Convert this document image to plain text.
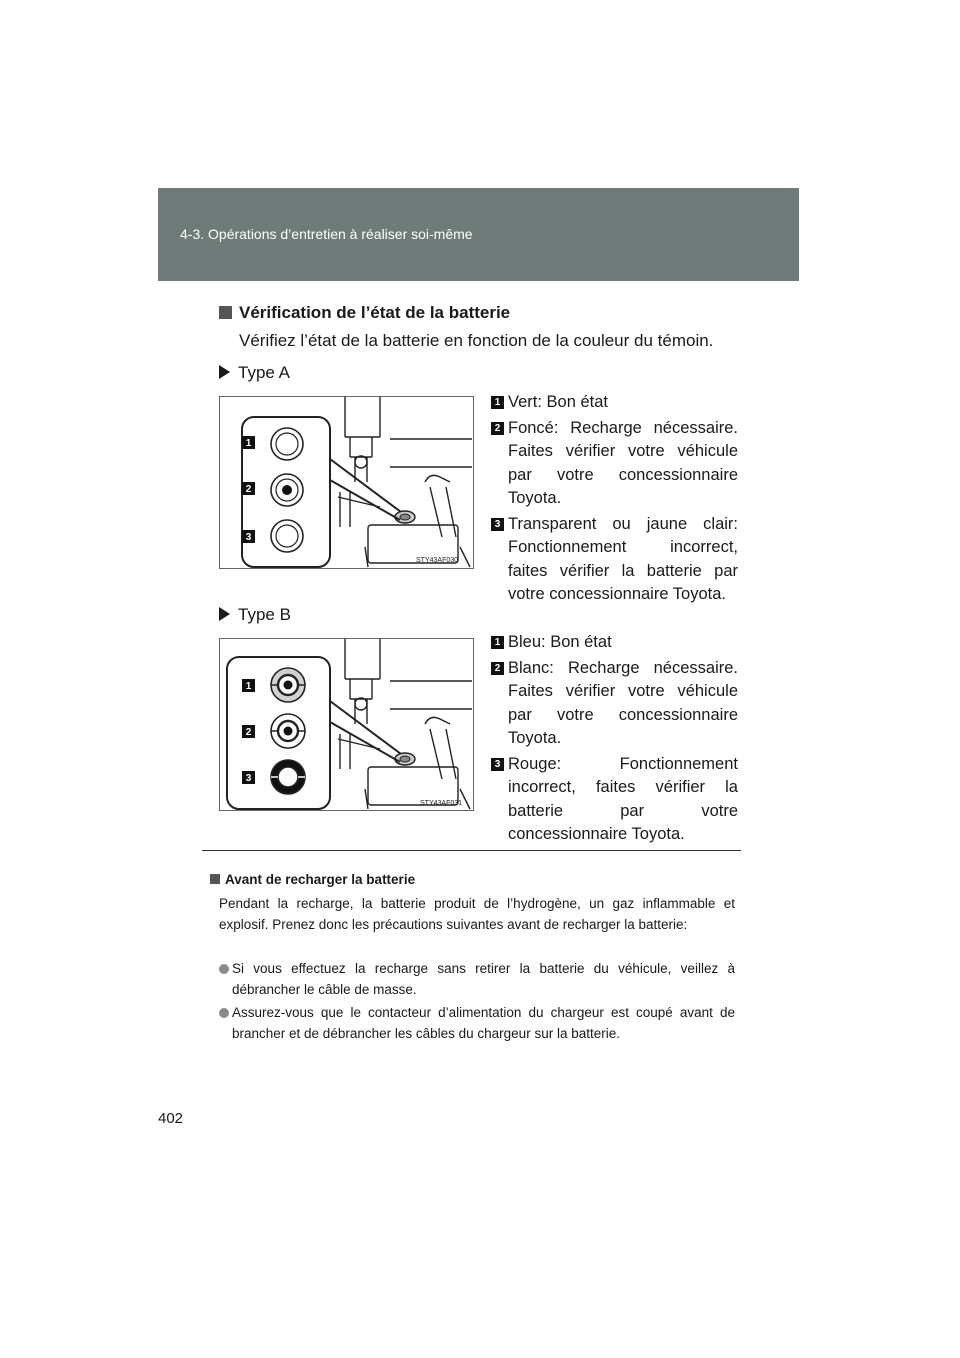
4-3. Opérations d’entretien à réaliser soi-même
Vérification de l’état de la batterie
Vérifiez l’état de la batterie en fonction de la couleur du témoin.
Type A
1
2
3
STY43AF030
1 Vert: Bon état
2 Foncé: Recharge nécessaire. Faites vérifier votre véhicule par votre concessionnaire Toyota.
3 Transparent ou jaune clair: Fonctionnement incorrect, faites vérifier la batterie par votre concessionnaire Toyota.
Type B
1
2
3
STY43AF031
1 Bleu: Bon état
2 Blanc: Recharge nécessaire. Faites vérifier votre véhicule par votre concessionnaire Toyota.
3 Rouge: Fonctionnement incorrect, faites vérifier la batterie par votre concessionnaire Toyota.
Avant de recharger la batterie
Pendant la recharge, la batterie produit de l’hydrogène, un gaz inflammable et explosif. Prenez donc les précautions suivantes avant de recharger la batterie:
Si vous effectuez la recharge sans retirer la batterie du véhicule, veillez à débrancher le câble de masse.
Assurez-vous que le contacteur d’alimentation du chargeur est coupé avant de brancher et de débrancher les câbles du chargeur sur la batterie.
402
